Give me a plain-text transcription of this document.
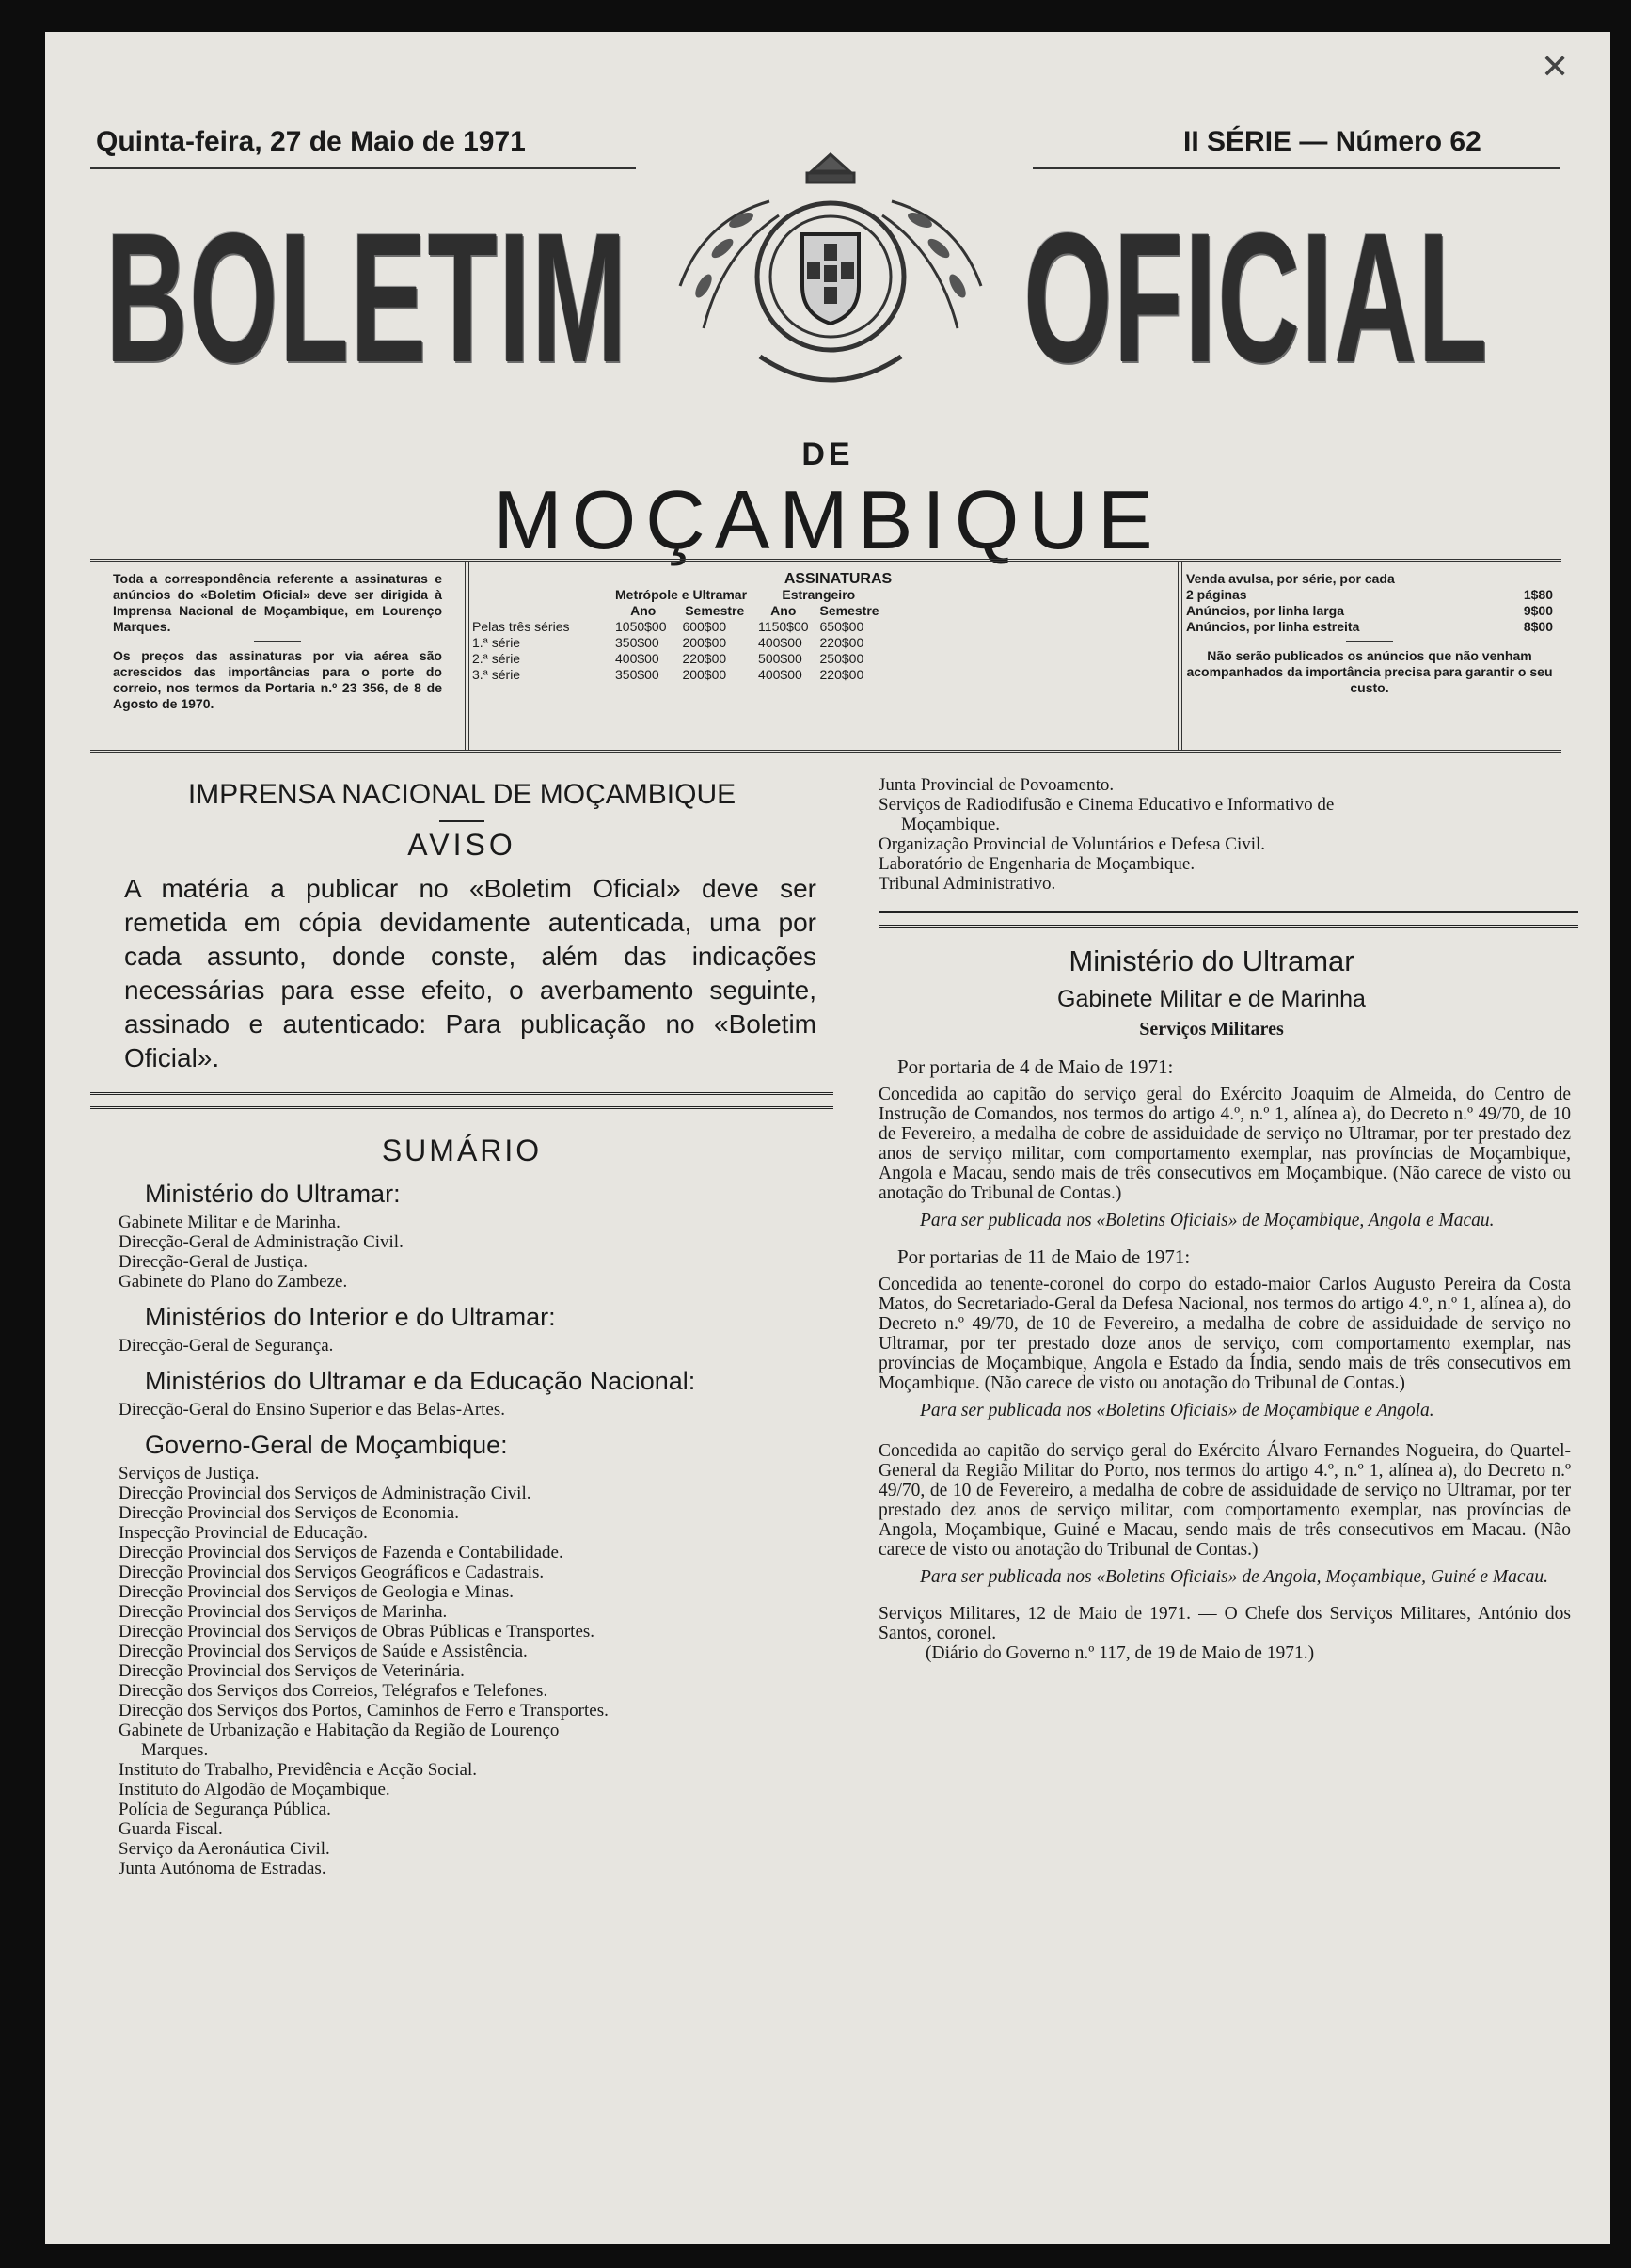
✕
Quinta-feira, 27 de Maio de 1971	II SÉRIE — Número 62
BOLETIM OFICIAL
DE
MOÇAMBIQUE
Toda a correspondência referente a assinaturas e anúncios do «Boletim Oficial» deve ser dirigida à Imprensa Nacional de Moçambique, em Lourenço Marques.
Os preços das assinaturas por via aérea são acrescidos das importâncias para o porte do correio, nos termos da Portaria n.º 23 356, de 8 de Agosto de 1970.
ASSINATURAS
	Metrópole e Ultramar		Estrangeiro	
	Ano	Semestre	Ano	Semestre
Pelas três séries	1050$00	600$00	1150$00	650$00
1.ª série	350$00	200$00	400$00	220$00
2.ª série	400$00	220$00	500$00	250$00
3.ª série	350$00	200$00	400$00	220$00
Venda avulsa, por série, por cada
2 páginas	1$80
Anúncios, por linha larga	9$00
Anúncios, por linha estreita	8$00
Não serão publicados os anúncios que não venham acompanhados da importância precisa para garantir o seu custo.
IMPRENSA NACIONAL DE MOÇAMBIQUE
AVISO
A matéria a publicar no «Boletim Oficial» deve ser remetida em cópia devidamente autenticada, uma por cada assunto, donde conste, além das indicações necessárias para esse efeito, o averbamento seguinte, assinado e autenticado: Para publicação no «Boletim Oficial».
SUMÁRIO
Ministério do Ultramar:
Gabinete Militar e de Marinha.
Direcção-Geral de Administração Civil.
Direcção-Geral de Justiça.
Gabinete do Plano do Zambeze.
Ministérios do Interior e do Ultramar:
Direcção-Geral de Segurança.
Ministérios do Ultramar e da Educação Nacional:
Direcção-Geral do Ensino Superior e das Belas-Artes.
Governo-Geral de Moçambique:
Serviços de Justiça.
Direcção Provincial dos Serviços de Administração Civil.
Direcção Provincial dos Serviços de Economia.
Inspecção Provincial de Educação.
Direcção Provincial dos Serviços de Fazenda e Contabilidade.
Direcção Provincial dos Serviços Geográficos e Cadastrais.
Direcção Provincial dos Serviços de Geologia e Minas.
Direcção Provincial dos Serviços de Marinha.
Direcção Provincial dos Serviços de Obras Públicas e Transportes.
Direcção Provincial dos Serviços de Saúde e Assistência.
Direcção Provincial dos Serviços de Veterinária.
Direcção dos Serviços dos Correios, Telégrafos e Telefones.
Direcção dos Serviços dos Portos, Caminhos de Ferro e Transportes.
Gabinete de Urbanização e Habitação da Região de Lourenço
Marques.
Instituto do Trabalho, Previdência e Acção Social.
Instituto do Algodão de Moçambique.
Polícia de Segurança Pública.
Guarda Fiscal.
Serviço da Aeronáutica Civil.
Junta Autónoma de Estradas.
Junta Provincial de Povoamento.
Serviços de Radiodifusão e Cinema Educativo e Informativo de
Moçambique.
Organização Provincial de Voluntários e Defesa Civil.
Laboratório de Engenharia de Moçambique.
Tribunal Administrativo.
Ministério do Ultramar
Gabinete Militar e de Marinha
Serviços Militares
Por portaria de 4 de Maio de 1971:
Concedida ao capitão do serviço geral do Exército Joaquim de Almeida, do Centro de Instrução de Comandos, nos termos do artigo 4.º, n.º 1, alínea a), do Decreto n.º 49/70, de 10 de Fevereiro, a medalha de cobre de assiduidade de serviço no Ultramar, por ter prestado dez anos de serviço militar, com comportamento exemplar, nas províncias de Moçambique, Angola e Macau, sendo mais de três consecutivos em Moçambique. (Não carece de visto ou anotação do Tribunal de Contas.)
Para ser publicada nos «Boletins Oficiais» de Moçambique, Angola e Macau.
Por portarias de 11 de Maio de 1971:
Concedida ao tenente-coronel do corpo do estado-maior Carlos Augusto Pereira da Costa Matos, do Secretariado-Geral da Defesa Nacional, nos termos do artigo 4.º, n.º 1, alínea a), do Decreto n.º 49/70, de 10 de Fevereiro, a medalha de cobre de assiduidade de serviço no Ultramar, por ter prestado doze anos de serviço, com comportamento exemplar, nas províncias de Moçambique, Angola e Estado da Índia, sendo mais de três consecutivos em Moçambique. (Não carece de visto ou anotação do Tribunal de Contas.)
Para ser publicada nos «Boletins Oficiais» de Moçambique e Angola.
Concedida ao capitão do serviço geral do Exército Álvaro Fernandes Nogueira, do Quartel-General da Região Militar do Porto, nos termos do artigo 4.º, n.º 1, alínea a), do Decreto n.º 49/70, de 10 de Fevereiro, a medalha de cobre de assiduidade de serviço no Ultramar, por ter prestado dez anos de serviço militar, com comportamento exemplar, nas províncias de Angola, Moçambique, Guiné e Macau, sendo mais de três consecutivos em Macau. (Não carece de visto ou anotação do Tribunal de Contas.)
Para ser publicada nos «Boletins Oficiais» de Angola, Moçambique, Guiné e Macau.
Serviços Militares, 12 de Maio de 1971. — O Chefe dos Serviços Militares, António dos Santos, coronel.
(Diário do Governo n.º 117, de 19 de Maio de 1971.)
